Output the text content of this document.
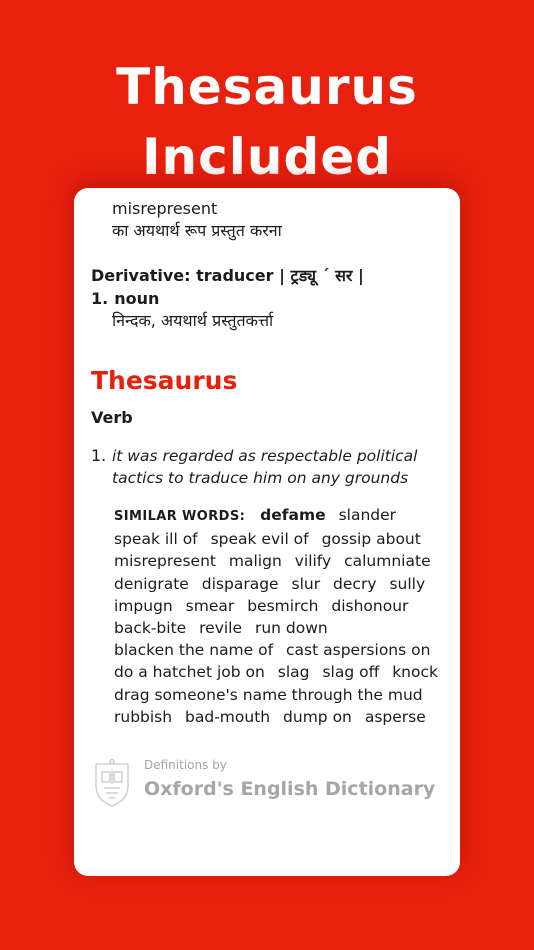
Thesaurus
Included
misrepresent
का अयथार्थ रूप प्रस्तुत करना
Derivative: traducer | ट्रड्यू ´ सर |
1. noun
निन्दक, अयथार्थ प्रस्तुतकर्त्ता
Thesaurus
Verb
1. it was regarded as respectable political tactics to traduce him on any grounds
SIMILAR WORDS: defame slander speak ill of speak evil of gossip about misrepresent malign vilify calumniate denigrate disparage slur decry sully impugn smear besmirch dishonour back-bite revile run down blacken the name of cast aspersions on do a hatchet job on slag slag off knock drag someone's name through the mud rubbish bad-mouth dump on asperse
Definitions by
Oxford's English Dictionary
